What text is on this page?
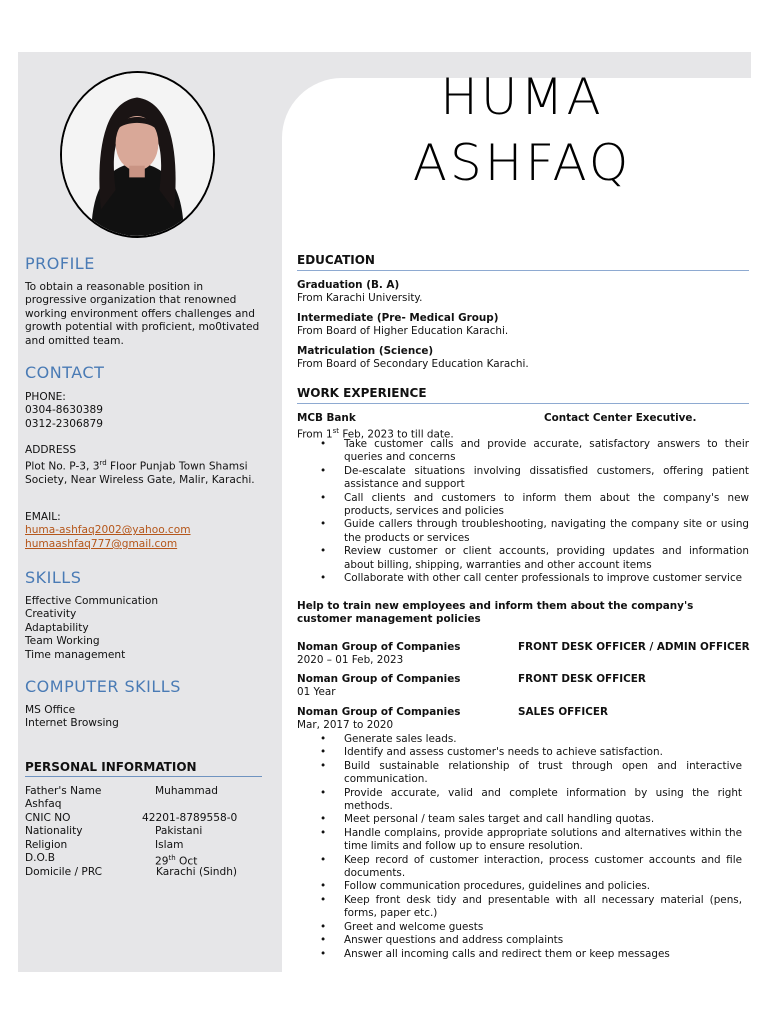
HUMA
ASHFAQ
PROFILE
To obtain a reasonable position in progressive organization that renowned working environment offers challenges and growth potential with proficient, mo0tivated and omitted team.
CONTACT
PHONE:
0304-8630389
0312-2306879
ADDRESS
Plot No. P-3, 3rd Floor Punjab Town Shamsi Society, Near Wireless Gate, Malir, Karachi.
EMAIL:
huma-ashfaq2002@yahoo.com
humaashfaq777@gmail.com
SKILLS
Effective Communication
Creativity
Adaptability
Team Working
Time management
COMPUTER SKILLS
MS Office
Internet Browsing
PERSONAL INFORMATION
Father's Name	Muhammad
Ashfaq
CNIC NO	42201-8789558-0
Nationality	Pakistani
Religion	Islam
D.O.B	29th Oct
Domicile / PRC	Karachi (Sindh)
EDUCATION
Graduation (B. A)
From Karachi University.
Intermediate (Pre- Medical Group)
From Board of Higher Education Karachi.
Matriculation (Science)
From Board of Secondary Education Karachi.
WORK EXPERIENCE
MCB Bank	Contact Center Executive.
From 1st Feb, 2023 to till date.
• Take customer calls and provide accurate, satisfactory answers to their queries and concerns
• De-escalate situations involving dissatisfied customers, offering patient assistance and support
• Call clients and customers to inform them about the company's new products, services and policies
• Guide callers through troubleshooting, navigating the company site or using the products or services
• Review customer or client accounts, providing updates and information about billing, shipping, warranties and other account items
• Collaborate with other call center professionals to improve customer service
Help to train new employees and inform them about the company's customer management policies
Noman Group of Companies	FRONT DESK OFFICER / ADMIN OFFICER
2020 – 01 Feb, 2023
Noman Group of Companies	FRONT DESK OFFICER
01 Year
Noman Group of Companies	SALES OFFICER
Mar, 2017 to 2020
• Generate sales leads.
• Identify and assess customer's needs to achieve satisfaction.
• Build sustainable relationship of trust through open and interactive communication.
• Provide accurate, valid and complete information by using the right methods.
• Meet personal / team sales target and call handling quotas.
• Handle complains, provide appropriate solutions and alternatives within the time limits and follow up to ensure resolution.
• Keep record of customer interaction, process customer accounts and file documents.
• Follow communication procedures, guidelines and policies.
• Keep front desk tidy and presentable with all necessary material (pens, forms, paper etc.)
• Greet and welcome guests
• Answer questions and address complaints
• Answer all incoming calls and redirect them or keep messages
